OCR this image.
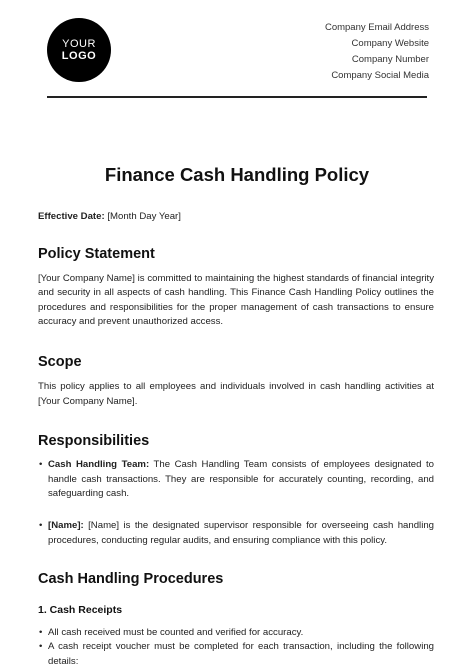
YOUR
LOGO
Company Email Address
Company Website
Company Number
Company Social Media
Finance Cash Handling Policy

Effective Date: [Month Day Year]

Policy Statement

[Your Company Name] is committed to maintaining the highest standards of financial integrity and security in all aspects of cash handling. This Finance Cash Handling Policy outlines the procedures and responsibilities for the proper management of cash transactions to ensure accuracy and prevent unauthorized access.

Scope

This policy applies to all employees and individuals involved in cash handling activities at [Your Company Name].

Responsibilities
• Cash Handling Team: The Cash Handling Team consists of employees designated to handle cash transactions. They are responsible for accurately counting, recording, and safeguarding cash.
• [Name]: [Name] is the designated supervisor responsible for overseeing cash handling procedures, conducting regular audits, and ensuring compliance with this policy.
Cash Handling Procedures
1. Cash Receipts
• All cash received must be counted and verified for accuracy.
• A cash receipt voucher must be completed for each transaction, including the following details:
